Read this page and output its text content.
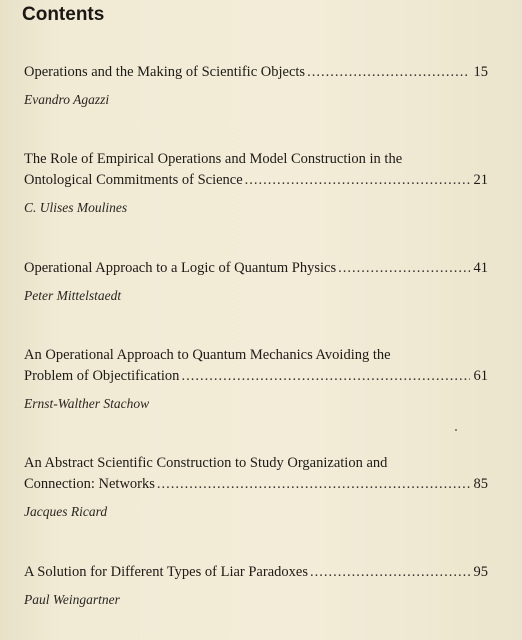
Contents
Operations and the Making of Scientific Objects .....	15
Evandro Agazzi
The Role of Empirical Operations and Model Construction in the
Ontological Commitments of Science .....	21
C. Ulises Moulines
Operational Approach to a Logic of Quantum Physics .....	41
Peter Mittelstaedt
An Operational Approach to Quantum Mechanics Avoiding the
Problem of Objectification .....	61
Ernst-Walther Stachow
An Abstract Scientific Construction to Study Organization and
Connection: Networks .....	85
Jacques Ricard
A Solution for Different Types of Liar Paradoxes .....	95
Paul Weingartner
